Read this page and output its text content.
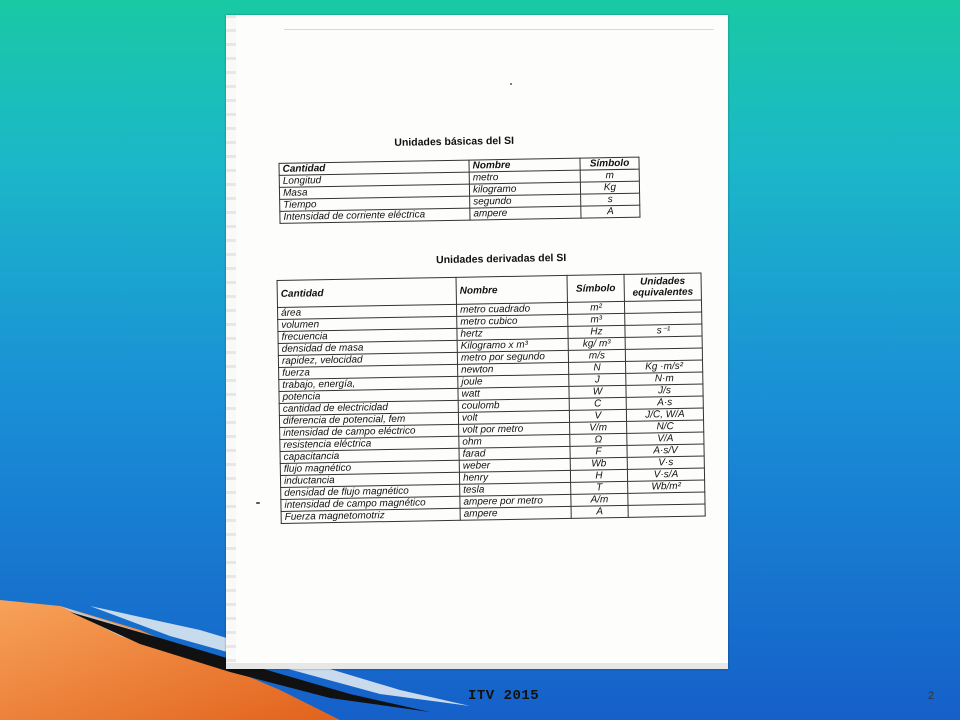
Unidades básicas del SI

Cantidad	Nombre	Símbolo
Longitud	metro	m
Masa	kilogramo	Kg
Tiempo	segundo	s
Intensidad de corriente eléctrica	ampere	A

Unidades derivadas del SI

Cantidad	Nombre	Símbolo	Unidades equivalentes
área	metro cuadrado	m²	
volumen	metro cubico	m³	
frecuencia	hertz	Hz	s⁻¹
densidad de masa	Kilogramo x m³	kg/ m³	
rapidez, velocidad	metro por segundo	m/s	
fuerza	newton	N	Kg ·m/s²
trabajo, energía,	joule	J	N·m
potencia	watt	W	J/s
cantidad de electricidad	coulomb	C	A·s
diferencia de potencial, fem	volt	V	J/C, W/A
intensidad de campo eléctrico	volt por metro	V/m	N/C
resistencia eléctrica	ohm	Ω	V/A
capacitancia	farad	F	A·s/V
flujo magnético	weber	Wb	V·s
inductancia	henry	H	V·s/A
densidad de flujo magnético	tesla	T	Wb/m²
intensidad de campo magnético	ampere por metro	A/m	
Fuerza magnetomotriz	ampere	A	
ITV 2015	2
